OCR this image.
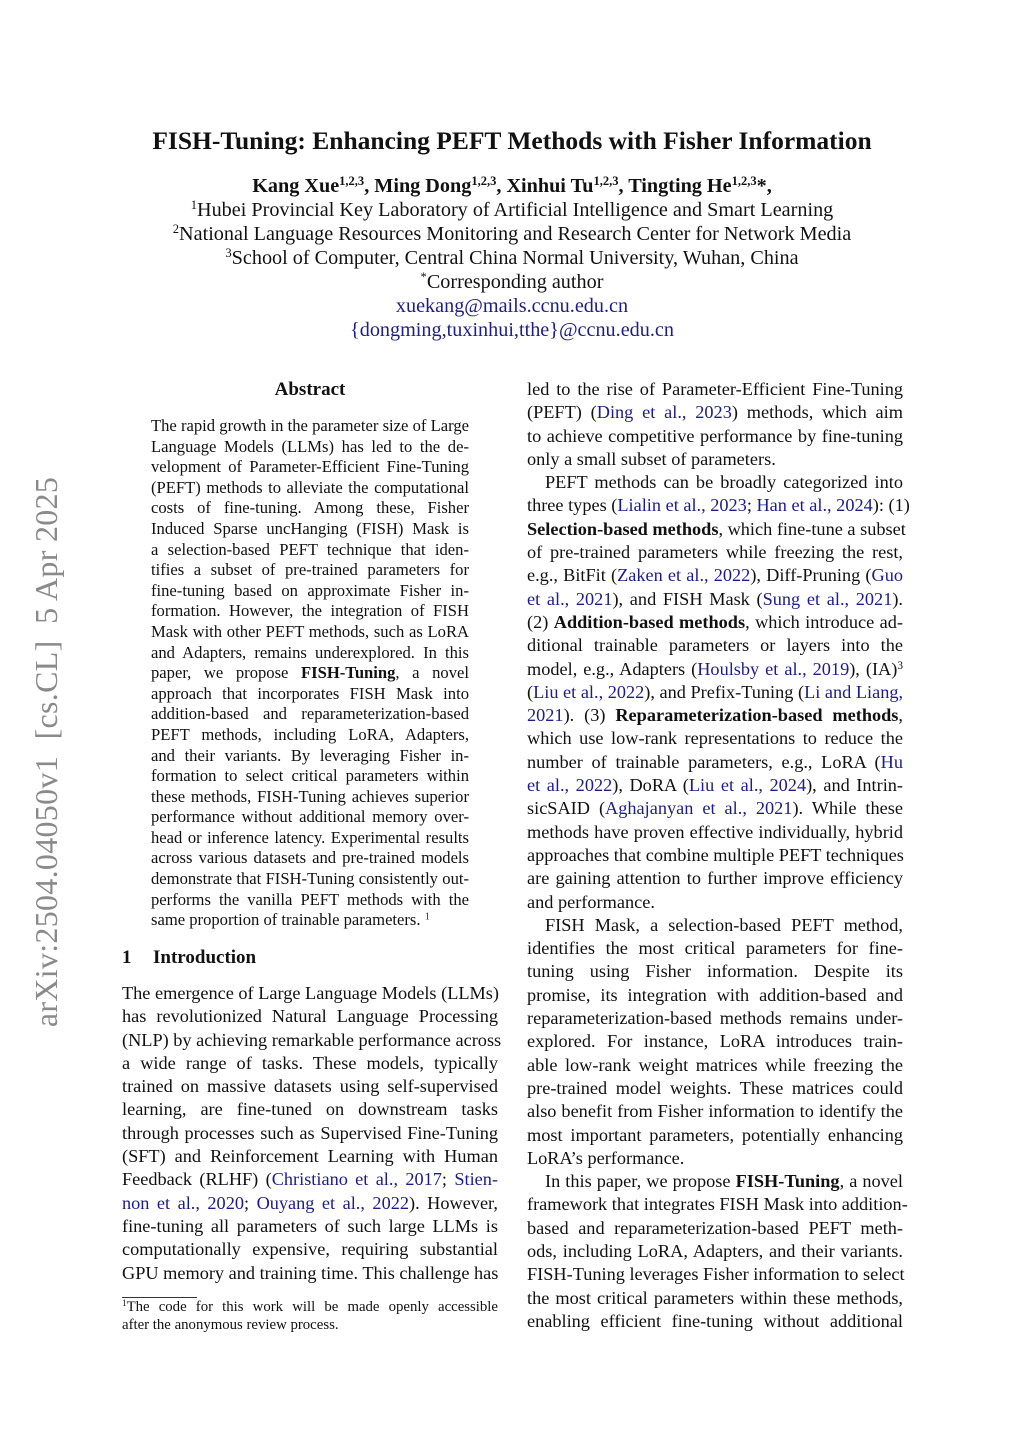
arXiv:2504.04050v1  [cs.CL]  5 Apr 2025
FISH-Tuning: Enhancing PEFT Methods with Fisher Information
Kang Xue$^{1,2,3}$, Ming Dong$^{1,2,3}$, Xinhui Tu$^{1,2,3}$, Tingting He$^{1,2,3}$*,
$^1$Hubei Provincial Key Laboratory of Artificial Intelligence and Smart Learning
$^2$National Language Resources Monitoring and Research Center for Network Media
$^3$School of Computer, Central China Normal University, Wuhan, China
*Corresponding author
xuekang@mails.ccnu.edu.cn
{dongming,tuxinhui,tthe}@ccnu.edu.cn
Abstract
The rapid growth in the parameter size of Large
Language Models (LLMs) has led to the de-
velopment of Parameter-Efficient Fine-Tuning
(PEFT) methods to alleviate the computational
costs of fine-tuning. Among these, Fisher
Induced Sparse uncHanging (FISH) Mask is
a selection-based PEFT technique that iden-
tifies a subset of pre-trained parameters for
fine-tuning based on approximate Fisher in-
formation. However, the integration of FISH
Mask with other PEFT methods, such as LoRA
and Adapters, remains underexplored. In this
paper, we propose FISH-Tuning, a novel
approach that incorporates FISH Mask into
addition-based and reparameterization-based
PEFT methods, including LoRA, Adapters,
and their variants. By leveraging Fisher in-
formation to select critical parameters within
these methods, FISH-Tuning achieves superior
performance without additional memory over-
head or inference latency. Experimental results
across various datasets and pre-trained models
demonstrate that FISH-Tuning consistently out-
performs the vanilla PEFT methods with the
same proportion of trainable parameters. $^1$
1 Introduction
The emergence of Large Language Models (LLMs)
has revolutionized Natural Language Processing
(NLP) by achieving remarkable performance across
a wide range of tasks. These models, typically
trained on massive datasets using self-supervised
learning, are fine-tuned on downstream tasks
through processes such as Supervised Fine-Tuning
(SFT) and Reinforcement Learning with Human
Feedback (RLHF) (Christiano et al., 2017; Stien-
non et al., 2020; Ouyang et al., 2022). However,
fine-tuning all parameters of such large LLMs is
computationally expensive, requiring substantial
GPU memory and training time. This challenge has
$^1$The code for this work will be made openly accessible
after the anonymous review process.
led to the rise of Parameter-Efficient Fine-Tuning
(PEFT) (Ding et al., 2023) methods, which aim
to achieve competitive performance by fine-tuning
only a small subset of parameters.
PEFT methods can be broadly categorized into
three types (Lialin et al., 2023; Han et al., 2024): (1)
Selection-based methods, which fine-tune a subset
of pre-trained parameters while freezing the rest,
e.g., BitFit (Zaken et al., 2022), Diff-Pruning (Guo
et al., 2021), and FISH Mask (Sung et al., 2021).
(2) Addition-based methods, which introduce ad-
ditional trainable parameters or layers into the
model, e.g., Adapters (Houlsby et al., 2019), (IA)$^3$
(Liu et al., 2022), and Prefix-Tuning (Li and Liang,
2021). (3) Reparameterization-based methods,
which use low-rank representations to reduce the
number of trainable parameters, e.g., LoRA (Hu
et al., 2022), DoRA (Liu et al., 2024), and Intrin-
sicSAID (Aghajanyan et al., 2021). While these
methods have proven effective individually, hybrid
approaches that combine multiple PEFT techniques
are gaining attention to further improve efficiency
and performance.
FISH Mask, a selection-based PEFT method,
identifies the most critical parameters for fine-
tuning using Fisher information. Despite its
promise, its integration with addition-based and
reparameterization-based methods remains under-
explored. For instance, LoRA introduces train-
able low-rank weight matrices while freezing the
pre-trained model weights. These matrices could
also benefit from Fisher information to identify the
most important parameters, potentially enhancing
LoRA’s performance.
In this paper, we propose FISH-Tuning, a novel
framework that integrates FISH Mask into addition-
based and reparameterization-based PEFT meth-
ods, including LoRA, Adapters, and their variants.
FISH-Tuning leverages Fisher information to select
the most critical parameters within these methods,
enabling efficient fine-tuning without additional
